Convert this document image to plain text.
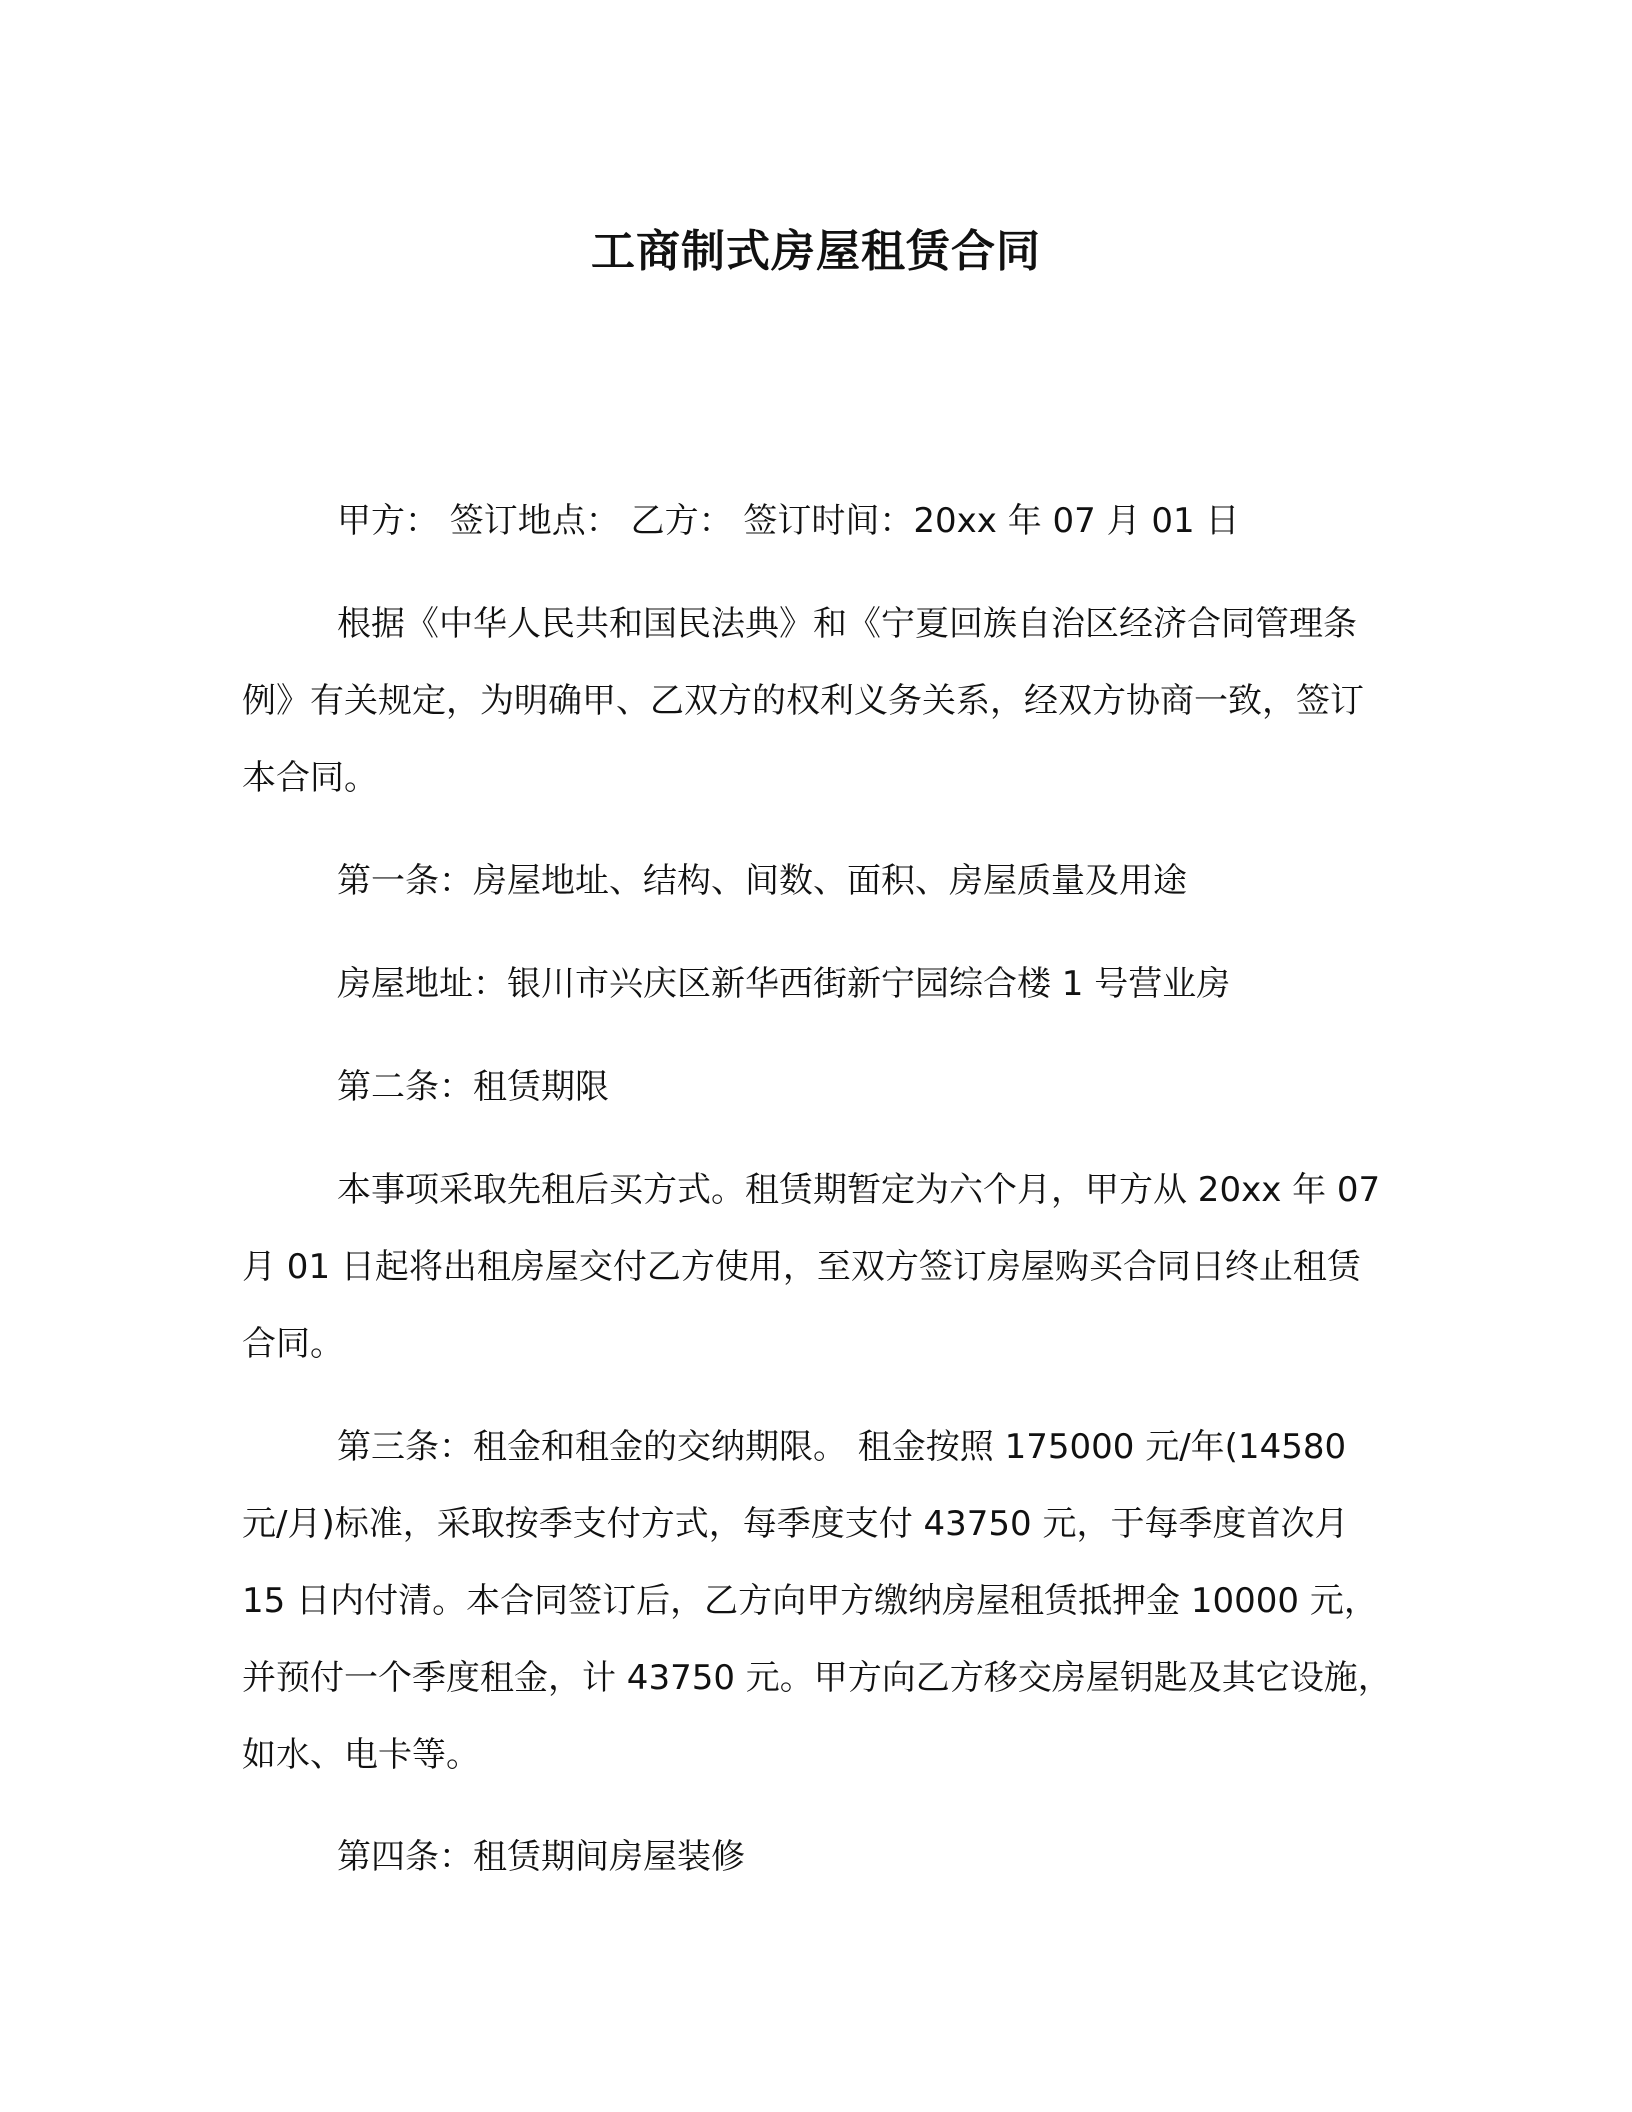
工商制式房屋租赁合同

甲方： 签订地点： 乙方： 签订时间：20xx 年 07 月 01 日

根据《中华人民共和国民法典》和《宁夏回族自治区经济合同管理条例》有关规定，为明确甲、乙双方的权利义务关系，经双方协商一致，签订本合同。

第一条：房屋地址、结构、间数、面积、房屋质量及用途

房屋地址：银川市兴庆区新华西街新宁园综合楼 1 号营业房

第二条：租赁期限

本事项采取先租后买方式。租赁期暂定为六个月，甲方从 20xx 年 07 月 01 日起将出租房屋交付乙方使用，至双方签订房屋购买合同日终止租赁合同。

第三条：租金和租金的交纳期限。 租金按照 175000 元/年(14580 元/月)标准，采取按季支付方式，每季度支付 43750 元，于每季度首次月 15 日内付清。本合同签订后，乙方向甲方缴纳房屋租赁抵押金 10000 元，并预付一个季度租金，计 43750 元。甲方向乙方移交房屋钥匙及其它设施，如水、电卡等。

第四条：租赁期间房屋装修
